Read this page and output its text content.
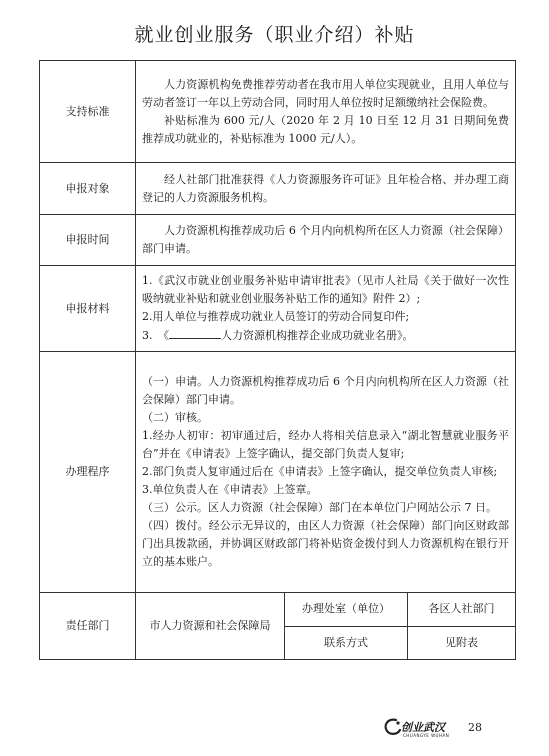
就业创业服务（职业介绍）补贴
支持标准	

人力资源机构免费推荐劳动者在我市用人单位实现就业，且用人单位与劳动者签订一年以上劳动合同，同时用人单位按时足额缴纳社会保险费。

补贴标准为 600 元/人（2020 年 2 月 10 日至 12 月 31 日期间免费推荐成功就业的，补贴标准为 1000 元/人）。

申报对象	

经人社部门批准获得《人力资源服务许可证》且年检合格、并办理工商登记的人力资源服务机构。

申报时间	

人力资源机构推荐成功后 6 个月内向机构所在区人力资源（社会保障）部门申请。

申报材料	

1.《武汉市就业创业服务补贴申请审批表》（见市人社局《关于做好一次性吸纳就业补贴和就业创业服务补贴工作的通知》附件 2）;

2.用人单位与推荐成功就业人员签订的劳动合同复印件;

3.　《	人力资源机构推荐企业成功就业名册》。

办理程序	

（一）申请。人力资源机构推荐成功后 6 个月内向机构所在区人力资源（社会保障）部门申请。

（二）审核。

1.经办人初审：初审通过后，经办人将相关信息录入“湖北智慧就业服务平台”并在《申请表》上签字确认，提交部门负责人复审;

2.部门负责人复审通过后在《申请表》上签字确认，提交单位负责人审核;

3.单位负责人在《申请表》上签章。

（三）公示。区人力资源（社会保障）部门在本单位门户网站公示 7 日。

（四）拨付。经公示无异议的，由区人力资源（社会保障）部门向区财政部门出具拨款函，并协调区财政部门将补贴资金拨付到人力资源机构在银行开立的基本账户。

责任部门		市人力资源和社会保障局	办理处室（单位）	各区人社部门
联系方式	见附表
创业武汉
CHUANGYE WUHAN
28
